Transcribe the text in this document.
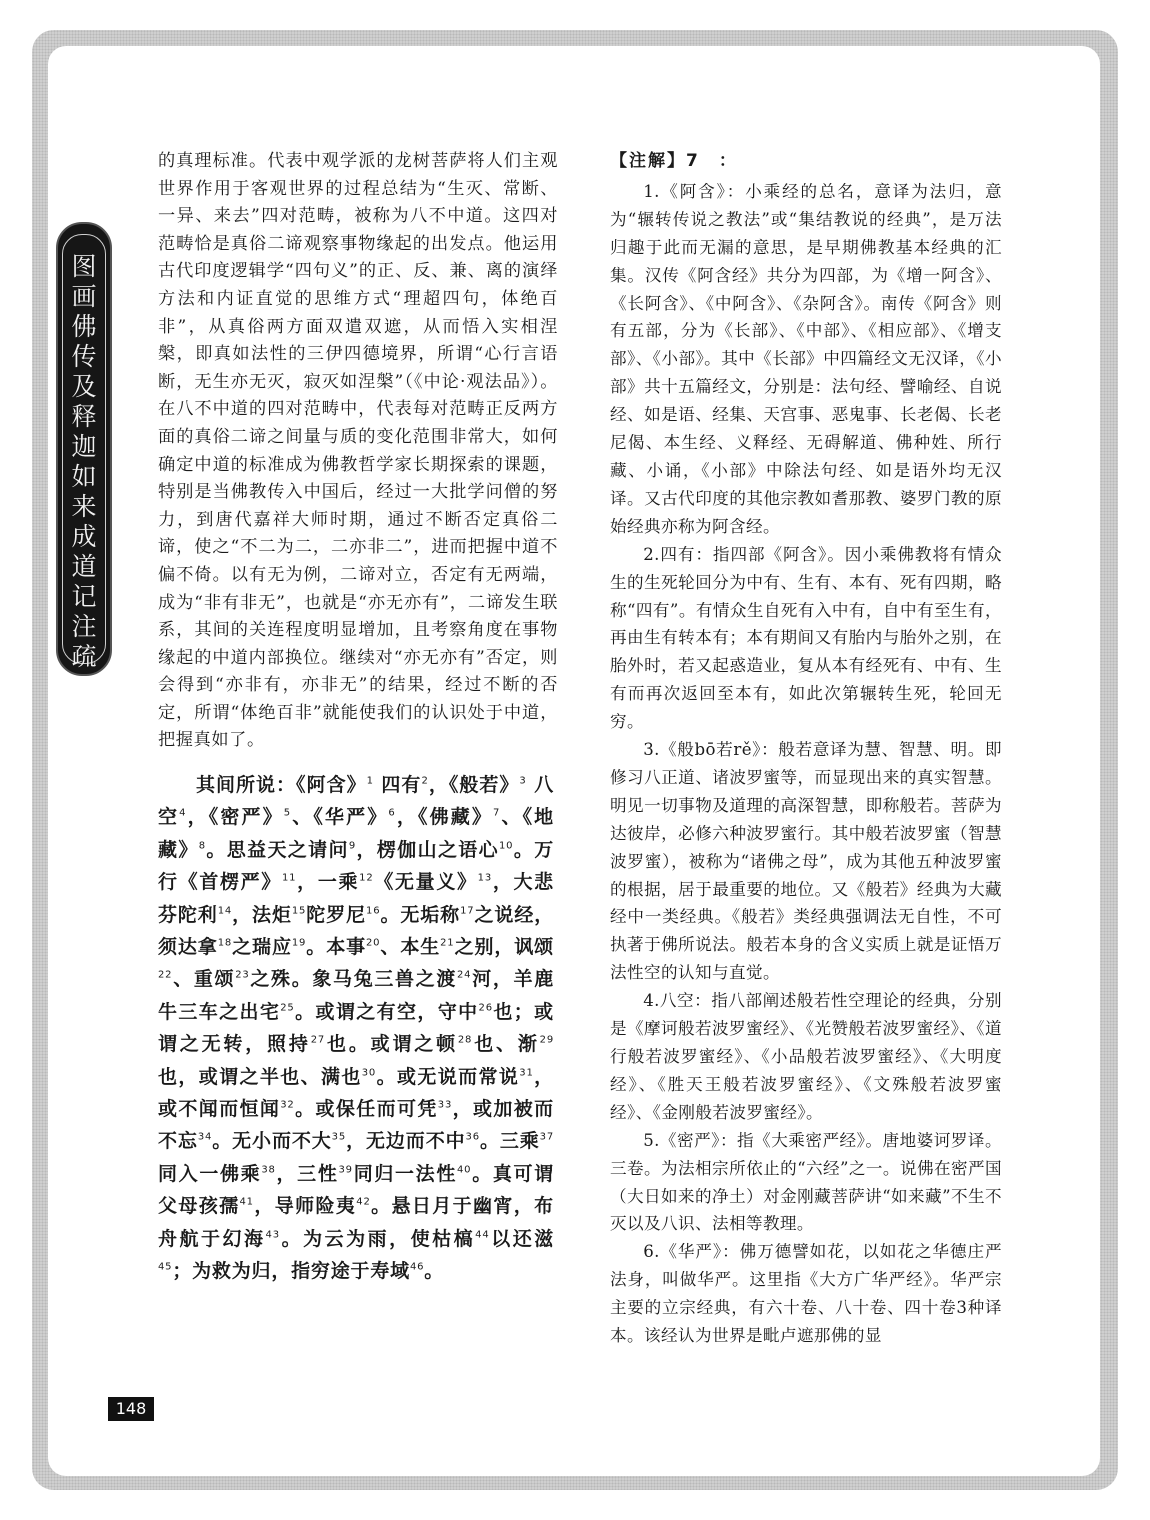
图
画
佛
传
及
释
迦
如
来
成
道
记
注
疏

的真理标准。代表中观学派的龙树菩萨将人们主观世界作用于客观世界的过程总结为“生灭、常断、一异、来去”四对范畴，被称为八不中道。这四对范畴恰是真俗二谛观察事物缘起的出发点。他运用古代印度逻辑学“四句义”的正、反、兼、离的演绎方法和内证直觉的思维方式“理超四句，体绝百非”，从真俗两方面双遣双遮，从而悟入实相涅槃，即真如法性的三伊四德境界，所谓“心行言语断，无生亦无灭，寂灭如涅槃”（《中论·观法品》）。在八不中道的四对范畴中，代表每对范畴正反两方面的真俗二谛之间量与质的变化范围非常大，如何确定中道的标准成为佛教哲学家长期探索的课题，特别是当佛教传入中国后，经过一大批学问僧的努力，到唐代嘉祥大师时期，通过不断否定真俗二谛，使之“不二为二，二亦非二”，进而把握中道不偏不倚。以有无为例，二谛对立，否定有无两端，成为“非有非无”，也就是“亦无亦有”，二谛发生联系，其间的关连程度明显增加，且考察角度在事物缘起的中道内部换位。继续对“亦无亦有”否定，则会得到“亦非有，亦非无”的结果，经过不断的否定，所谓“体绝百非”就能使我们的认识处于中道，把握真如了。

其间所说：《阿含》$^1$ 四有$^2$，《般若》$^3$ 八空$^4$，《密严》$^5$、《华严》$^6$，《佛藏》$^7$、《地藏》$^8$。思益天之请问$^9$，楞伽山之语心$^{10}$。万行《首楞严》$^{11}$，一乘$^{12}$《无量义》$^{13}$，大悲芬陀利$^{14}$，法炬$^{15}$陀罗尼$^{16}$。无垢称$^{17}$之说经，须达拿$^{18}$之瑞应$^{19}$。本事$^{20}$、本生$^{21}$之别，讽颂$^{22}$、重颂$^{23}$之殊。象马兔三兽之渡$^{24}$河，羊鹿牛三车之出宅$^{25}$。或谓之有空，守中$^{26}$也；或谓之无转，照持$^{27}$也。或谓之顿$^{28}$也、渐$^{29}$也，或谓之半也、满也$^{30}$。或无说而常说$^{31}$，或不闻而恒闻$^{32}$。或保任而可凭$^{33}$，或加被而不忘$^{34}$。无小而不大$^{35}$，无边而不中$^{36}$。三乘$^{37}$同入一佛乘$^{38}$，三性$^{39}$同归一法性$^{40}$。真可谓父母孩孺$^{41}$，导师险夷$^{42}$。悬日月于幽宵，布舟航于幻海$^{43}$。为云为雨，使枯槁$^{44}$以还滋$^{45}$；为救为归，指穷途于寿域$^{46}$。

【注解】7　：

1.《阿含》：小乘经的总名，意译为法归，意为“辗转传说之教法”或“集结教说的经典”，是万法归趣于此而无漏的意思，是早期佛教基本经典的汇集。汉传《阿含经》共分为四部，为《增一阿含》、《长阿含》、《中阿含》、《杂阿含》。南传《阿含》则有五部，分为《长部》、《中部》、《相应部》、《增支部》、《小部》。其中《长部》中四篇经文无汉译，《小部》共十五篇经文，分别是：法句经、譬喻经、自说经、如是语、经集、天宫事、恶鬼事、长老偈、长老尼偈、本生经、义释经、无碍解道、佛种姓、所行藏、小诵，《小部》中除法句经、如是语外均无汉译。又古代印度的其他宗教如耆那教、婆罗门教的原始经典亦称为阿含经。

2.四有：指四部《阿含》。因小乘佛教将有情众生的生死轮回分为中有、生有、本有、死有四期，略称“四有”。有情众生自死有入中有，自中有至生有，再由生有转本有；本有期间又有胎内与胎外之别，在胎外时，若又起惑造业，复从本有经死有、中有、生有而再次返回至本有，如此次第辗转生死，轮回无穷。

3.《般bō若rě》：般若意译为慧、智慧、明。即修习八正道、诸波罗蜜等，而显现出来的真实智慧。明见一切事物及道理的高深智慧，即称般若。菩萨为达彼岸，必修六种波罗蜜行。其中般若波罗蜜（智慧波罗蜜），被称为“诸佛之母”，成为其他五种波罗蜜的根据，居于最重要的地位。又《般若》经典为大藏经中一类经典。《般若》类经典强调法无自性，不可执著于佛所说法。般若本身的含义实质上就是证悟万法性空的认知与直觉。

4.八空：指八部阐述般若性空理论的经典，分别是《摩诃般若波罗蜜经》、《光赞般若波罗蜜经》、《道行般若波罗蜜经》、《小品般若波罗蜜经》、《大明度经》、《胜天王般若波罗蜜经》、《文殊般若波罗蜜经》、《金刚般若波罗蜜经》。

5.《密严》：指《大乘密严经》。唐地婆诃罗译。三卷。为法相宗所依止的“六经”之一。说佛在密严国（大日如来的净土）对金刚藏菩萨讲“如来藏”不生不灭以及八识、法相等教理。

6.《华严》：佛万德譬如花，以如花之华德庄严法身，叫做华严。这里指《大方广华严经》。华严宗主要的立宗经典，有六十卷、八十卷、四十卷3种译本。该经认为世界是毗卢遮那佛的显

148
